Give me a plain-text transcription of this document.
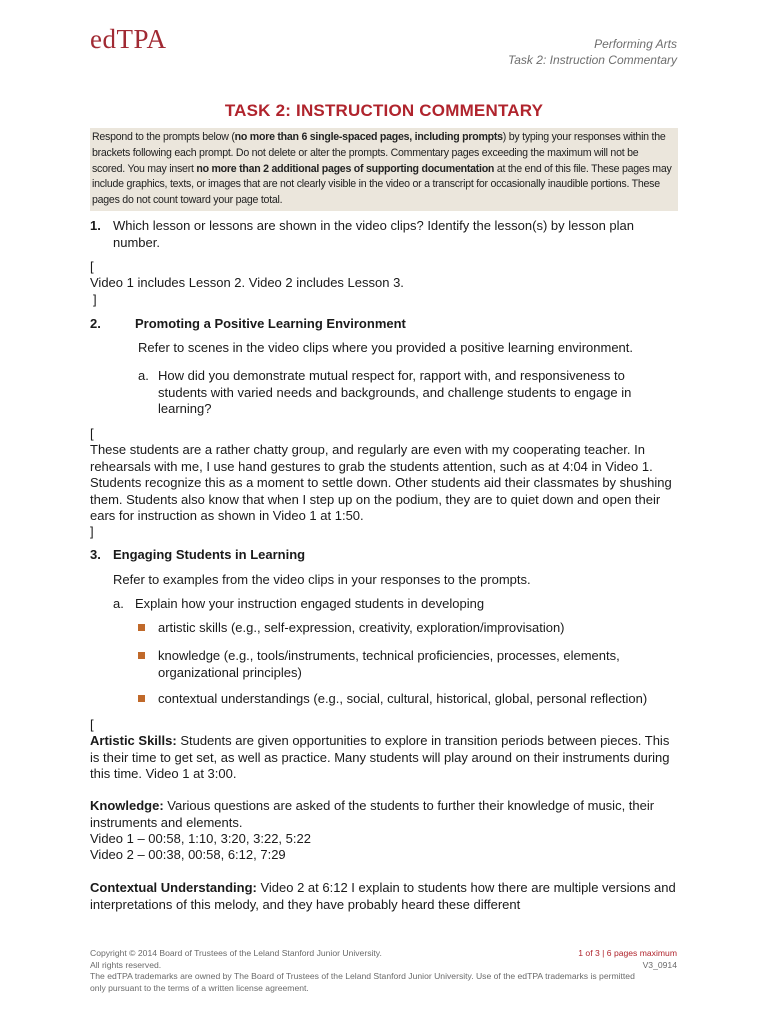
edTPA	Performing Arts
Task 2: Instruction Commentary
TASK 2: INSTRUCTION COMMENTARY
Respond to the prompts below (no more than 6 single-spaced pages, including prompts) by typing your responses within the brackets following each prompt. Do not delete or alter the prompts. Commentary pages exceeding the maximum will not be scored. You may insert no more than 2 additional pages of supporting documentation at the end of this file. These pages may include graphics, texts, or images that are not clearly visible in the video or a transcript for occasionally inaudible portions. These pages do not count toward your page total.
1. Which lesson or lessons are shown in the video clips? Identify the lesson(s) by lesson plan number.
[
Video 1 includes Lesson 2. Video 2 includes Lesson 3.
]
2.	Promoting a Positive Learning Environment
Refer to scenes in the video clips where you provided a positive learning environment.
a. How did you demonstrate mutual respect for, rapport with, and responsiveness to students with varied needs and backgrounds, and challenge students to engage in learning?
[
These students are a rather chatty group, and regularly are even with my cooperating teacher. In rehearsals with me, I use hand gestures to grab the students attention, such as at 4:04 in Video 1. Students recognize this as a moment to settle down. Other students aid their classmates by shushing them. Students also know that when I step up on the podium, they are to quiet down and open their ears for instruction as shown in Video 1 at 1:50.
]
3. Engaging Students in Learning
Refer to examples from the video clips in your responses to the prompts.
a. Explain how your instruction engaged students in developing
artistic skills (e.g., self-expression, creativity, exploration/improvisation)
knowledge (e.g., tools/instruments, technical proficiencies, processes, elements, organizational principles)
contextual understandings (e.g., social, cultural, historical, global, personal reflection)
[
Artistic Skills: Students are given opportunities to explore in transition periods between pieces. This is their time to get set, as well as practice. Many students will play around on their instruments during this time. Video 1 at 3:00.
Knowledge: Various questions are asked of the students to further their knowledge of music, their instruments and elements.
Video 1 – 00:58, 1:10, 3:20, 3:22, 5:22
Video 2 – 00:38, 00:58, 6:12, 7:29
Contextual Understanding: Video 2 at 6:12 I explain to students how there are multiple versions and interpretations of this melody, and they have probably heard these different
Copyright © 2014 Board of Trustees of the Leland Stanford Junior University.
All rights reserved.
The edTPA trademarks are owned by The Board of Trustees of the Leland Stanford Junior University. Use of the edTPA trademarks is permitted only pursuant to the terms of a written license agreement.
1 of 3 | 6 pages maximum
V3_0914
